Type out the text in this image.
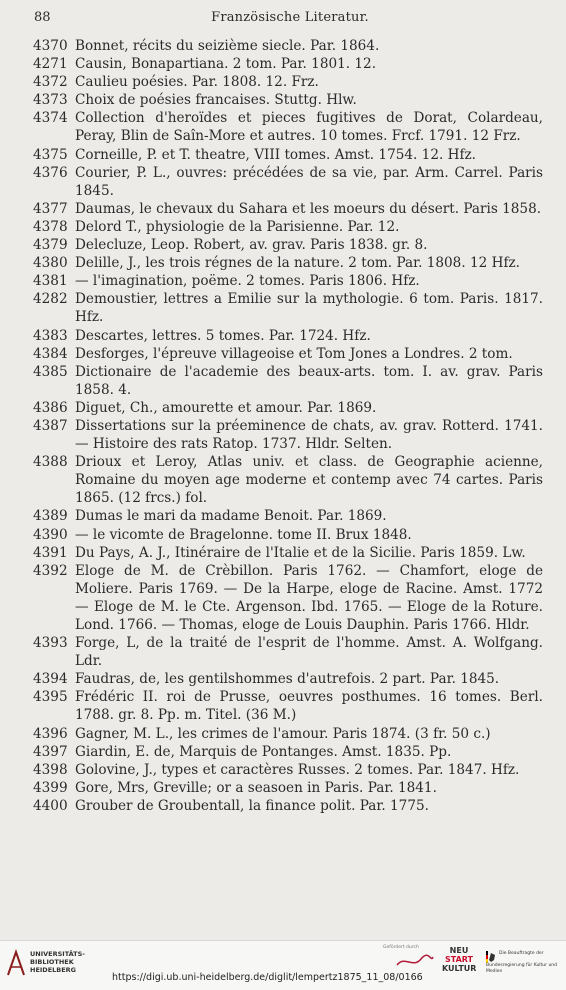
88	Französische Literatur.
4370 Bonnet, récits du seizième siecle. Par. 1864.
4271 Causin, Bonapartiana. 2 tom. Par. 1801. 12.
4372 Caulieu poésies. Par. 1808. 12. Frz.
4373 Choix de poésies francaises. Stuttg. Hlw.
4374 Collection d'heroïdes et pieces fugitives de Dorat, Colardeau, Peray, Blin de Saîn-More et autres. 10 tomes. Frcf. 1791. 12 Frz.
4375 Corneille, P. et T. theatre, VIII tomes. Amst. 1754. 12. Hfz.
4376 Courier, P. L., ouvres: précédées de sa vie, par. Arm. Carrel. Paris 1845.
4377 Daumas, le chevaux du Sahara et les moeurs du désert. Paris 1858.
4378 Delord T., physiologie de la Parisienne. Par. 12.
4379 Delecluze, Leop. Robert, av. grav. Paris 1838. gr. 8.
4380 Delille, J., les trois régnes de la nature. 2 tom. Par. 1808. 12 Hfz.
4381 — l'imagination, poëme. 2 tomes. Paris 1806. Hfz.
4282 Demoustier, lettres a Emilie sur la mythologie. 6 tom. Paris. 1817. Hfz.
4383 Descartes, lettres. 5 tomes. Par. 1724. Hfz.
4384 Desforges, l'épreuve villageoise et Tom Jones a Londres. 2 tom.
4385 Dictionaire de l'academie des beaux-arts. tom. I. av. grav. Paris 1858. 4.
4386 Diguet, Ch., amourette et amour. Par. 1869.
4387 Dissertations sur la préeminence de chats, av. grav. Rotterd. 1741. — Histoire des rats Ratop. 1737. Hldr. Selten.
4388 Drioux et Leroy, Atlas univ. et class. de Geographie acienne, Romaine du moyen age moderne et contemp avec 74 cartes. Paris 1865. (12 frcs.) fol.
4389 Dumas le mari da madame Benoit. Par. 1869.
4390 — le vicomte de Bragelonne. tome II. Brux 1848.
4391 Du Pays, A. J., Itinéraire de l'Italie et de la Sicilie. Paris 1859. Lw.
4392 Eloge de M. de Crèbillon. Paris 1762. — Chamfort, eloge de Moliere. Paris 1769. — De la Harpe, eloge de Racine. Amst. 1772 — Eloge de M. le Cte. Argenson. Ibd. 1765. — Eloge de la Roture. Lond. 1766. — Thomas, eloge de Louis Dauphin. Paris 1766. Hldr.
4393 Forge, L, de la traité de l'esprit de l'homme. Amst. A. Wolfgang. Ldr.
4394 Faudras, de, les gentilshommes d'autrefois. 2 part. Par. 1845.
4395 Frédéric II. roi de Prusse, oeuvres posthumes. 16 tomes. Berl. 1788. gr. 8. Pp. m. Titel. (36 M.)
4396 Gagner, M. L., les crimes de l'amour. Paris 1874. (3 fr. 50 c.)
4397 Giardin, E. de, Marquis de Pontanges. Amst. 1835. Pp.
4398 Golovine, J., types et caractères Russes. 2 tomes. Par. 1847. Hfz.
4399 Gore, Mrs, Greville; or a seasoen in Paris. Par. 1841.
4400 Grouber de Groubentall, la finance polit. Par. 1775.
UNIVERSITÄTS-
BIBLIOTHEK
HEIDELBERG
https://digi.ub.uni-heidelberg.de/diglit/lempertz1875_11_08/0166
Gefördert durch	NEU
START
KULTUR
Die Beauftragte der Bundesregierung für Kultur und Medien
